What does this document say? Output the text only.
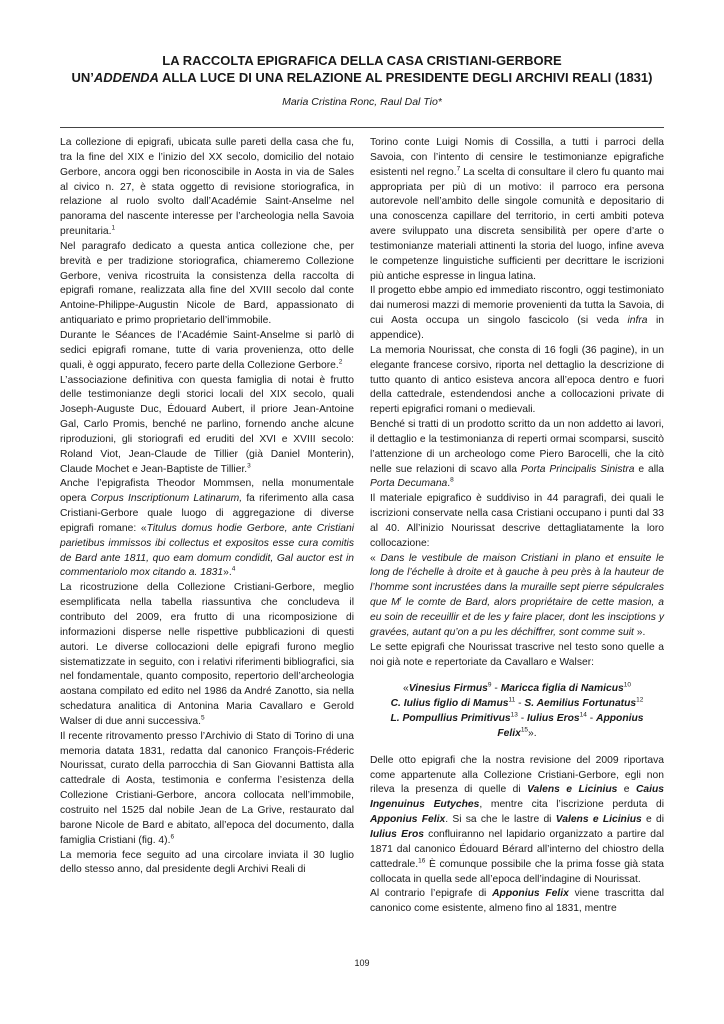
LA RACCOLTA EPIGRAFICA DELLA CASA CRISTIANI-GERBORE
UN’ADDENDA ALLA LUCE DI UNA RELAZIONE AL PRESIDENTE DEGLI ARCHIVI REALI (1831)
Maria Cristina Ronc, Raul Dal Tio*

La collezione di epigrafi, ubicata sulle pareti della casa che fu, tra la fine del XIX e l’inizio del XX secolo, domicilio del notaio Gerbore, ancora oggi ben riconoscibile in Aosta in via de Sales al civico n. 27, è stata oggetto di revisione storiografica, in relazione al ruolo svolto dall’Académie Saint-Anselme nel panorama del nascente interesse per l’archeologia nella Savoia preunitaria.$^1$

Nel paragrafo dedicato a questa antica collezione che, per brevità e per tradizione storiografica, chiameremo Collezione Gerbore, veniva ricostruita la consistenza della raccolta di epigrafi romane, realizzata alla fine del XVIII secolo dal conte Antoine-Philippe-Augustin Nicole de Bard, appassionato di antiquariato e primo proprietario dell’immobile.

Durante le Séances de l’Académie Saint-Anselme si parlò di sedici epigrafi romane, tutte di varia provenienza, otto delle quali, è oggi appurato, fecero parte della Collezione Gerbore.$^2$

L’associazione definitiva con questa famiglia di notai è frutto delle testimonianze degli storici locali del XIX secolo, quali Joseph-Auguste Duc, Édouard Aubert, il priore Jean-Antoine Gal, Carlo Promis, benché ne parlino, fornendo anche alcune riproduzioni, gli storiografi ed eruditi del XVI e XVIII secolo: Roland Viot, Jean-Claude de Tillier (già Daniel Monterin), Claude Mochet e Jean-Baptiste de Tillier.$^3$

Anche l’epigrafista Theodor Mommsen, nella monumentale opera Corpus Inscriptionum Latinarum, fa riferimento alla casa Cristiani-Gerbore quale luogo di aggregazione di diverse epigrafi romane: «Titulus domus hodie Gerbore, ante Cristiani parietibus immissos ibi collectus et expositos esse cura comitis de Bard ante 1811, quo eam domum condidit, Gal auctor est in commentariolo mox citando a. 1831».$^4$

La ricostruzione della Collezione Cristiani-Gerbore, meglio esemplificata nella tabella riassuntiva che concludeva il contributo del 2009, era frutto di una ricomposizione di informazioni disperse nelle rispettive pubblicazioni di questi autori. Le diverse collocazioni delle epigrafi furono meglio sistematizzate in seguito, con i relativi riferimenti bibliografici, sia nel fondamentale, quanto composito, repertorio dell’archeologia aostana compilato ed edito nel 1986 da André Zanotto, sia nella schedatura analitica di Antonina Maria Cavallaro e Gerold Walser di due anni successiva.$^5$

Il recente ritrovamento presso l’Archivio di Stato di Torino di una memoria datata 1831, redatta dal canonico François-Fréderic Nourissat, curato della parrocchia di San Giovanni Battista alla cattedrale di Aosta, testimonia e conferma l’esistenza della Collezione Cristiani-Gerbore, ancora collocata nell’immobile, costruito nel 1525 dal nobile Jean de La Grive, restaurato dal barone Nicole de Bard e abitato, all’epoca del documento, dalla famiglia Cristiani (fig. 4).$^6$

La memoria fece seguito ad una circolare inviata il 30 luglio dello stesso anno, dal presidente degli Archivi Reali di

Torino conte Luigi Nomis di Cossilla, a tutti i parroci della Savoia, con l’intento di censire le testimonianze epigrafiche esistenti nel regno.$^7$ La scelta di consultare il clero fu quanto mai appropriata per più di un motivo: il parroco era persona autorevole nell’ambito delle singole comunità e depositario di una conoscenza capillare del territorio, in certi ambiti poteva avere sviluppato una discreta sensibilità per opere d’arte o testimonianze materiali attinenti la storia del luogo, infine aveva le competenze linguistiche sufficienti per decrittare le iscrizioni più antiche espresse in lingua latina.

Il progetto ebbe ampio ed immediato riscontro, oggi testimoniato dai numerosi mazzi di memorie provenienti da tutta la Savoia, di cui Aosta occupa un singolo fascicolo (si veda infra in appendice).

La memoria Nourissat, che consta di 16 fogli (36 pagine), in un elegante francese corsivo, riporta nel dettaglio la descrizione di tutto quanto di antico esisteva ancora all’epoca dentro e fuori della cattedrale, estendendosi anche a collocazioni private di reperti epigrafici romani o medievali.

Benché si tratti di un prodotto scritto da un non addetto ai lavori, il dettaglio e la testimonianza di reperti ormai scomparsi, suscitò l’attenzione di un archeologo come Piero Barocelli, che la citò nelle sue relazioni di scavo alla Porta Principalis Sinistra e alla Porta Decumana.$^8$

Il materiale epigrafico è suddiviso in 44 paragrafi, dei quali le iscrizioni conservate nella casa Cristiani occupano i punti dal 33 al 40. All’inizio Nourissat descrive dettagliatamente la loro collocazione:

« Dans le vestibule de maison Cristiani in plano et ensuite le long de l’échelle à droite et à gauche à peu près à la hauteur de l’homme sont incrustées dans la muraille sept pierre sépulcrales que $M^r$ le comte de Bard, alors propriétaire de cette masion, a eu soin de receuillir et de les y faire placer, dont les insciptions y gravées, autant qu’on a pu les déchiffrer, sont comme suit ».

Le sette epigrafi che Nourissat trascrive nel testo sono quelle a noi già note e repertoriate da Cavallaro e Walser:

«Vinesius Firmus$^9$ - Maricca figlia di Namicus$^{10}$

C. Iulius figlio di Mamus$^{11}$ - S. Aemilius Fortunatus$^{12}$

L. Pompullius Primitivus$^{13}$ - Iulius Eros$^{14}$ - Apponius Felix$^{15}$».

Delle otto epigrafi che la nostra revisione del 2009 riportava come appartenute alla Collezione Cristiani-Gerbore, egli non rileva la presenza di quelle di Valens e Licinius e Caius Ingenuinus Eutyches, mentre cita l’iscrizione perduta di Apponius Felix. Si sa che le lastre di Valens e Licinius e di Iulius Eros confluiranno nel lapidario organizzato a partire dal 1871 dal canonico Édouard Bérard all’interno del chiostro della cattedrale.$^{16}$ È comunque possibile che la prima fosse già stata collocata in quella sede all’epoca dell’indagine di Nourissat.

Al contrario l’epigrafe di Apponius Felix viene trascritta dal canonico come esistente, almeno fino al 1831, mentre

109
